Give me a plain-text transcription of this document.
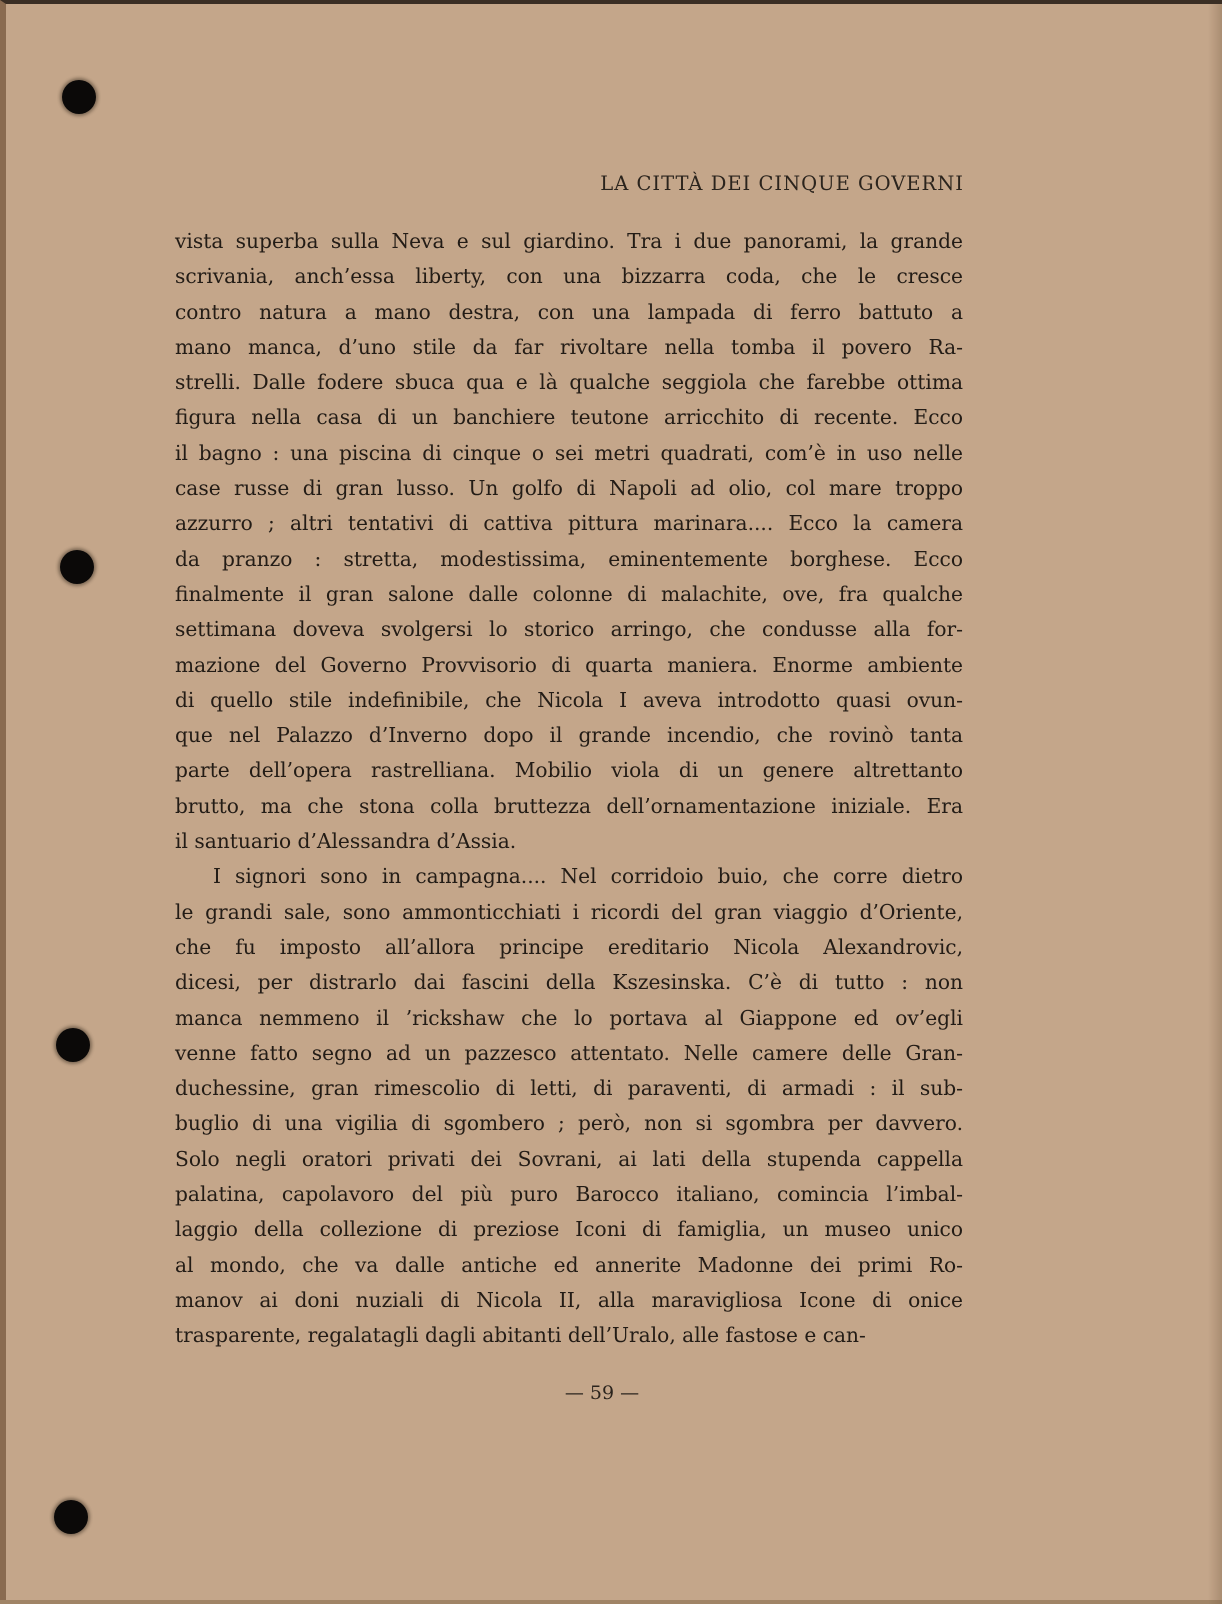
LA CITTÀ DEI CINQUE GOVERNI
vista superba sulla Neva e sul giardino. Tra i due panorami, la grande
scrivania, anch’essa liberty, con una bizzarra coda, che le cresce
contro natura a mano destra, con una lampada di ferro battuto a
mano manca, d’uno stile da far rivoltare nella tomba il povero Ra-
strelli. Dalle fodere sbuca qua e là qualche seggiola che farebbe ottima
figura nella casa di un banchiere teutone arricchito di recente. Ecco
il bagno : una piscina di cinque o sei metri quadrati, com’è in uso nelle
case russe di gran lusso. Un golfo di Napoli ad olio, col mare troppo
azzurro ; altri tentativi di cattiva pittura marinara.... Ecco la camera
da pranzo : stretta, modestissima, eminentemente borghese. Ecco
finalmente il gran salone dalle colonne di malachite, ove, fra qualche
settimana doveva svolgersi lo storico arringo, che condusse alla for-
mazione del Governo Provvisorio di quarta maniera. Enorme ambiente
di quello stile indefinibile, che Nicola I aveva introdotto quasi ovun-
que nel Palazzo d’Inverno dopo il grande incendio, che rovinò tanta
parte dell’opera rastrelliana. Mobilio viola di un genere altrettanto
brutto, ma che stona colla bruttezza dell’ornamentazione iniziale. Era
il santuario d’Alessandra d’Assia.
I signori sono in campagna.... Nel corridoio buio, che corre dietro
le grandi sale, sono ammonticchiati i ricordi del gran viaggio d’Oriente,
che fu imposto all’allora principe ereditario Nicola Alexandrovic,
dicesi, per distrarlo dai fascini della Kszesinska. C’è di tutto : non
manca nemmeno il ’rickshaw che lo portava al Giappone ed ov’egli
venne fatto segno ad un pazzesco attentato. Nelle camere delle Gran-
duchessine, gran rimescolio di letti, di paraventi, di armadi : il sub-
buglio di una vigilia di sgombero ; però, non si sgombra per davvero.
Solo negli oratori privati dei Sovrani, ai lati della stupenda cappella
palatina, capolavoro del più puro Barocco italiano, comincia l’imbal-
laggio della collezione di preziose Iconi di famiglia, un museo unico
al mondo, che va dalle antiche ed annerite Madonne dei primi Ro-
manov ai doni nuziali di Nicola II, alla maravigliosa Icone di onice
trasparente, regalatagli dagli abitanti dell’Uralo, alle fastose e can-
— 59 —
